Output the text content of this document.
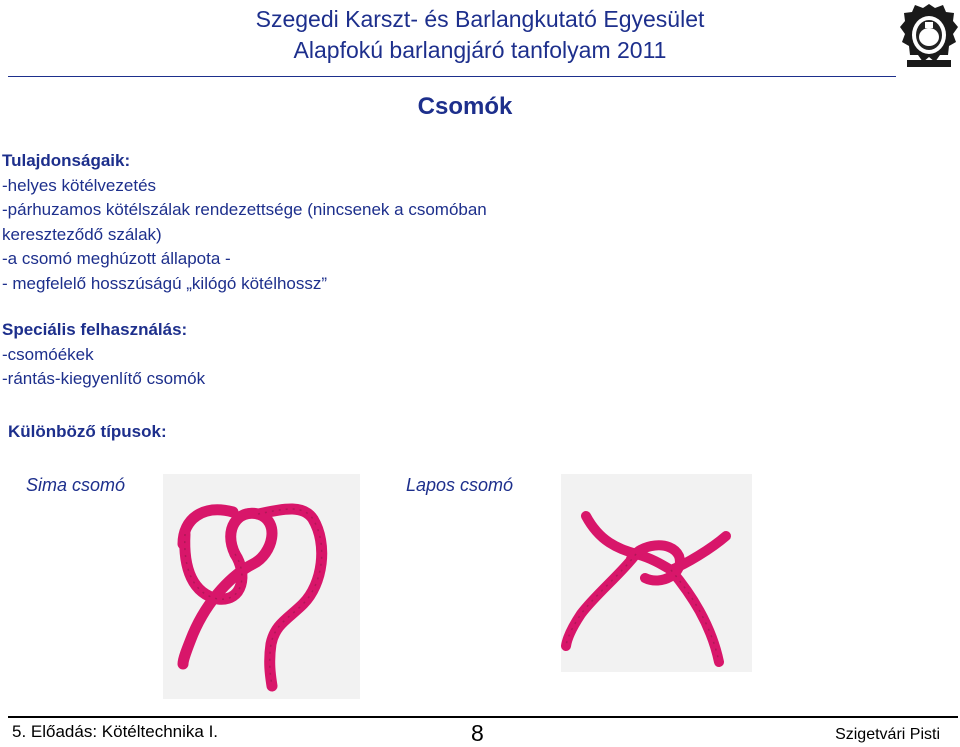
Szegedi Karszt- és Barlangkutató Egyesület
Alapfokú barlangjáró tanfolyam 2011
Csomók
Tulajdonságaik:
-helyes kötélvezetés
-párhuzamos kötélszálak rendezettsége (nincsenek a csomóban
kereszteződő szálak)
-a csomó meghúzott állapota -
- megfelelő hosszúságú „kilógó kötélhossz”
Speciális felhasználás:
-csomóékek
-rántás-kiegyenlítő csomók
Különböző típusok:
Sima csomó	Lapos csomó
5. Előadás: Kötéltechnika I.	8	Szigetvári Pisti
